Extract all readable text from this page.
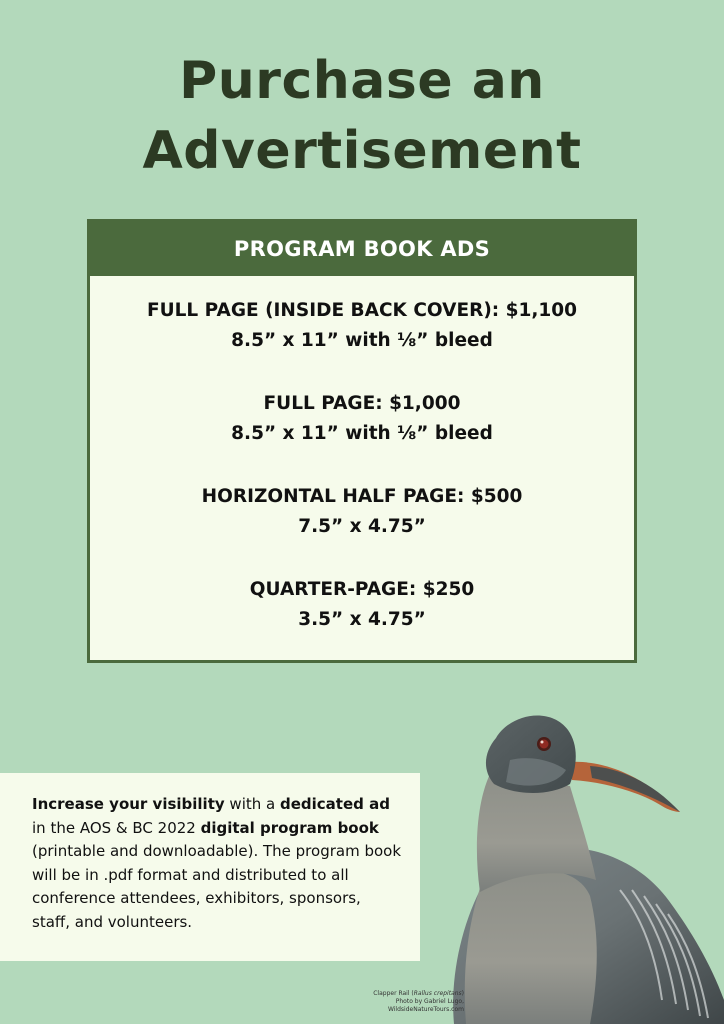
Purchase an
Advertisement
PROGRAM BOOK ADS
FULL PAGE (INSIDE BACK COVER): $1,100
8.5” x 11” with ⅛” bleed
FULL PAGE: $1,000
8.5” x 11” with ⅛” bleed
HORIZONTAL HALF PAGE: $500
7.5” x 4.75”
QUARTER-PAGE: $250
3.5” x 4.75”
Increase your visibility with a dedicated ad in the AOS & BC 2022 digital program book (printable and downloadable). The program book will be in .pdf format and distributed to all conference attendees, exhibitors, sponsors, staff, and volunteers.
Clapper Rail (Rallus crepitans)
Photo by Gabriel Lugo,
WildsideNatureTours.com
